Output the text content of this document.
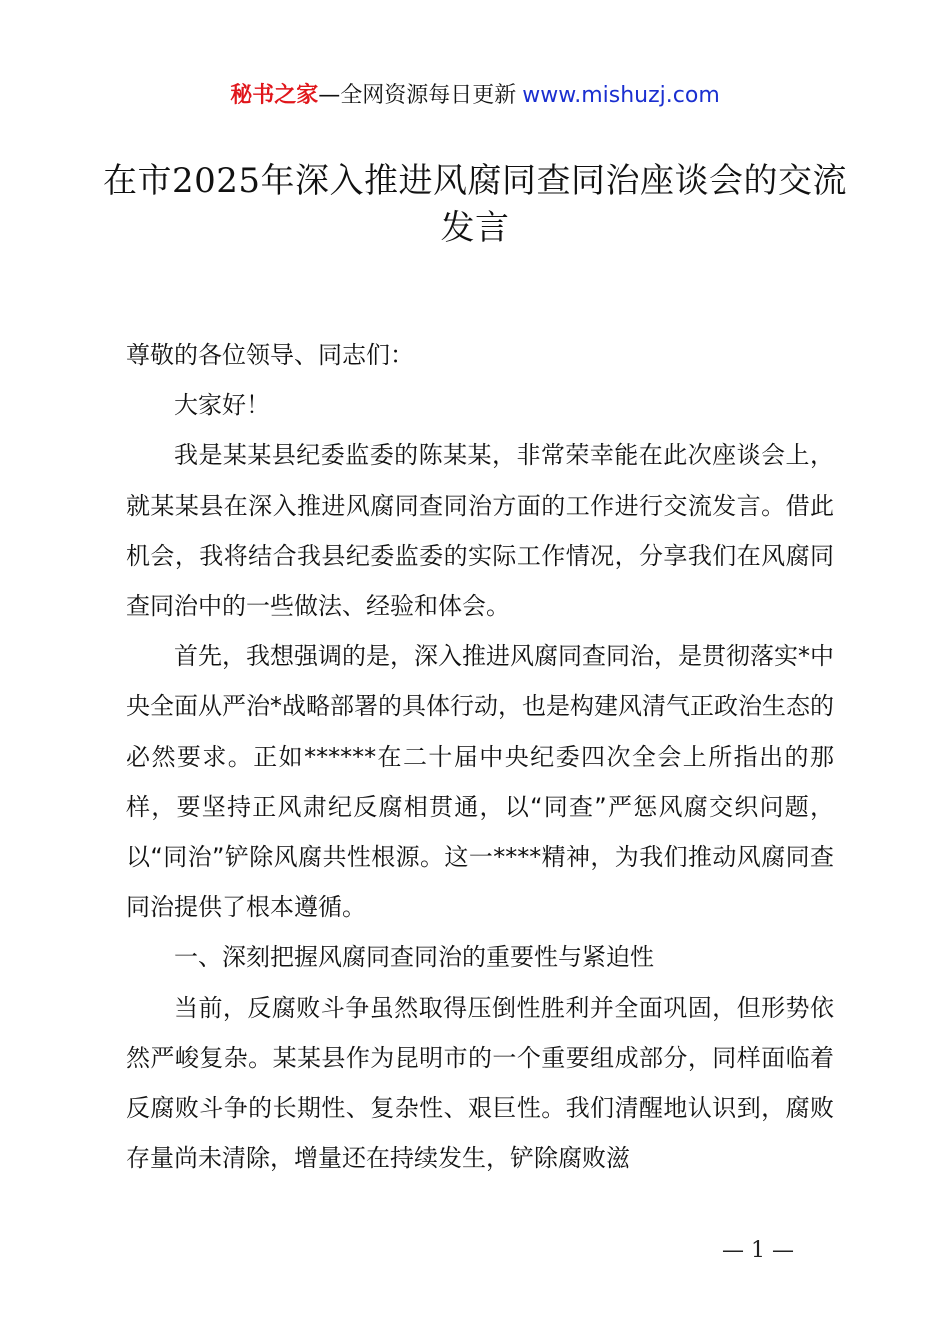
秘书之家—全网资源每日更新 www.mishuzj.com
在市2025年深入推进风腐同查同治座谈会的交流发言

尊敬的各位领导、同志们：

大家好！

我是某某县纪委监委的陈某某，非常荣幸能在此次座谈会上，就某某县在深入推进风腐同查同治方面的工作进行交流发言。借此机会，我将结合我县纪委监委的实际工作情况，分享我们在风腐同查同治中的一些做法、经验和体会。

首先，我想强调的是，深入推进风腐同查同治，是贯彻落实*中央全面从严治*战略部署的具体行动，也是构建风清气正政治生态的必然要求。正如******在二十届中央纪委四次全会上所指出的那样，要坚持正风肃纪反腐相贯通，以“同查”严惩风腐交织问题，以“同治”铲除风腐共性根源。这一****精神，为我们推动风腐同查同治提供了根本遵循。

一、深刻把握风腐同查同治的重要性与紧迫性

当前，反腐败斗争虽然取得压倒性胜利并全面巩固，但形势依然严峻复杂。某某县作为昆明市的一个重要组成部分，同样面临着反腐败斗争的长期性、复杂性、艰巨性。我们清醒地认识到，腐败存量尚未清除，增量还在持续发生，铲除腐败滋

— 1 —
